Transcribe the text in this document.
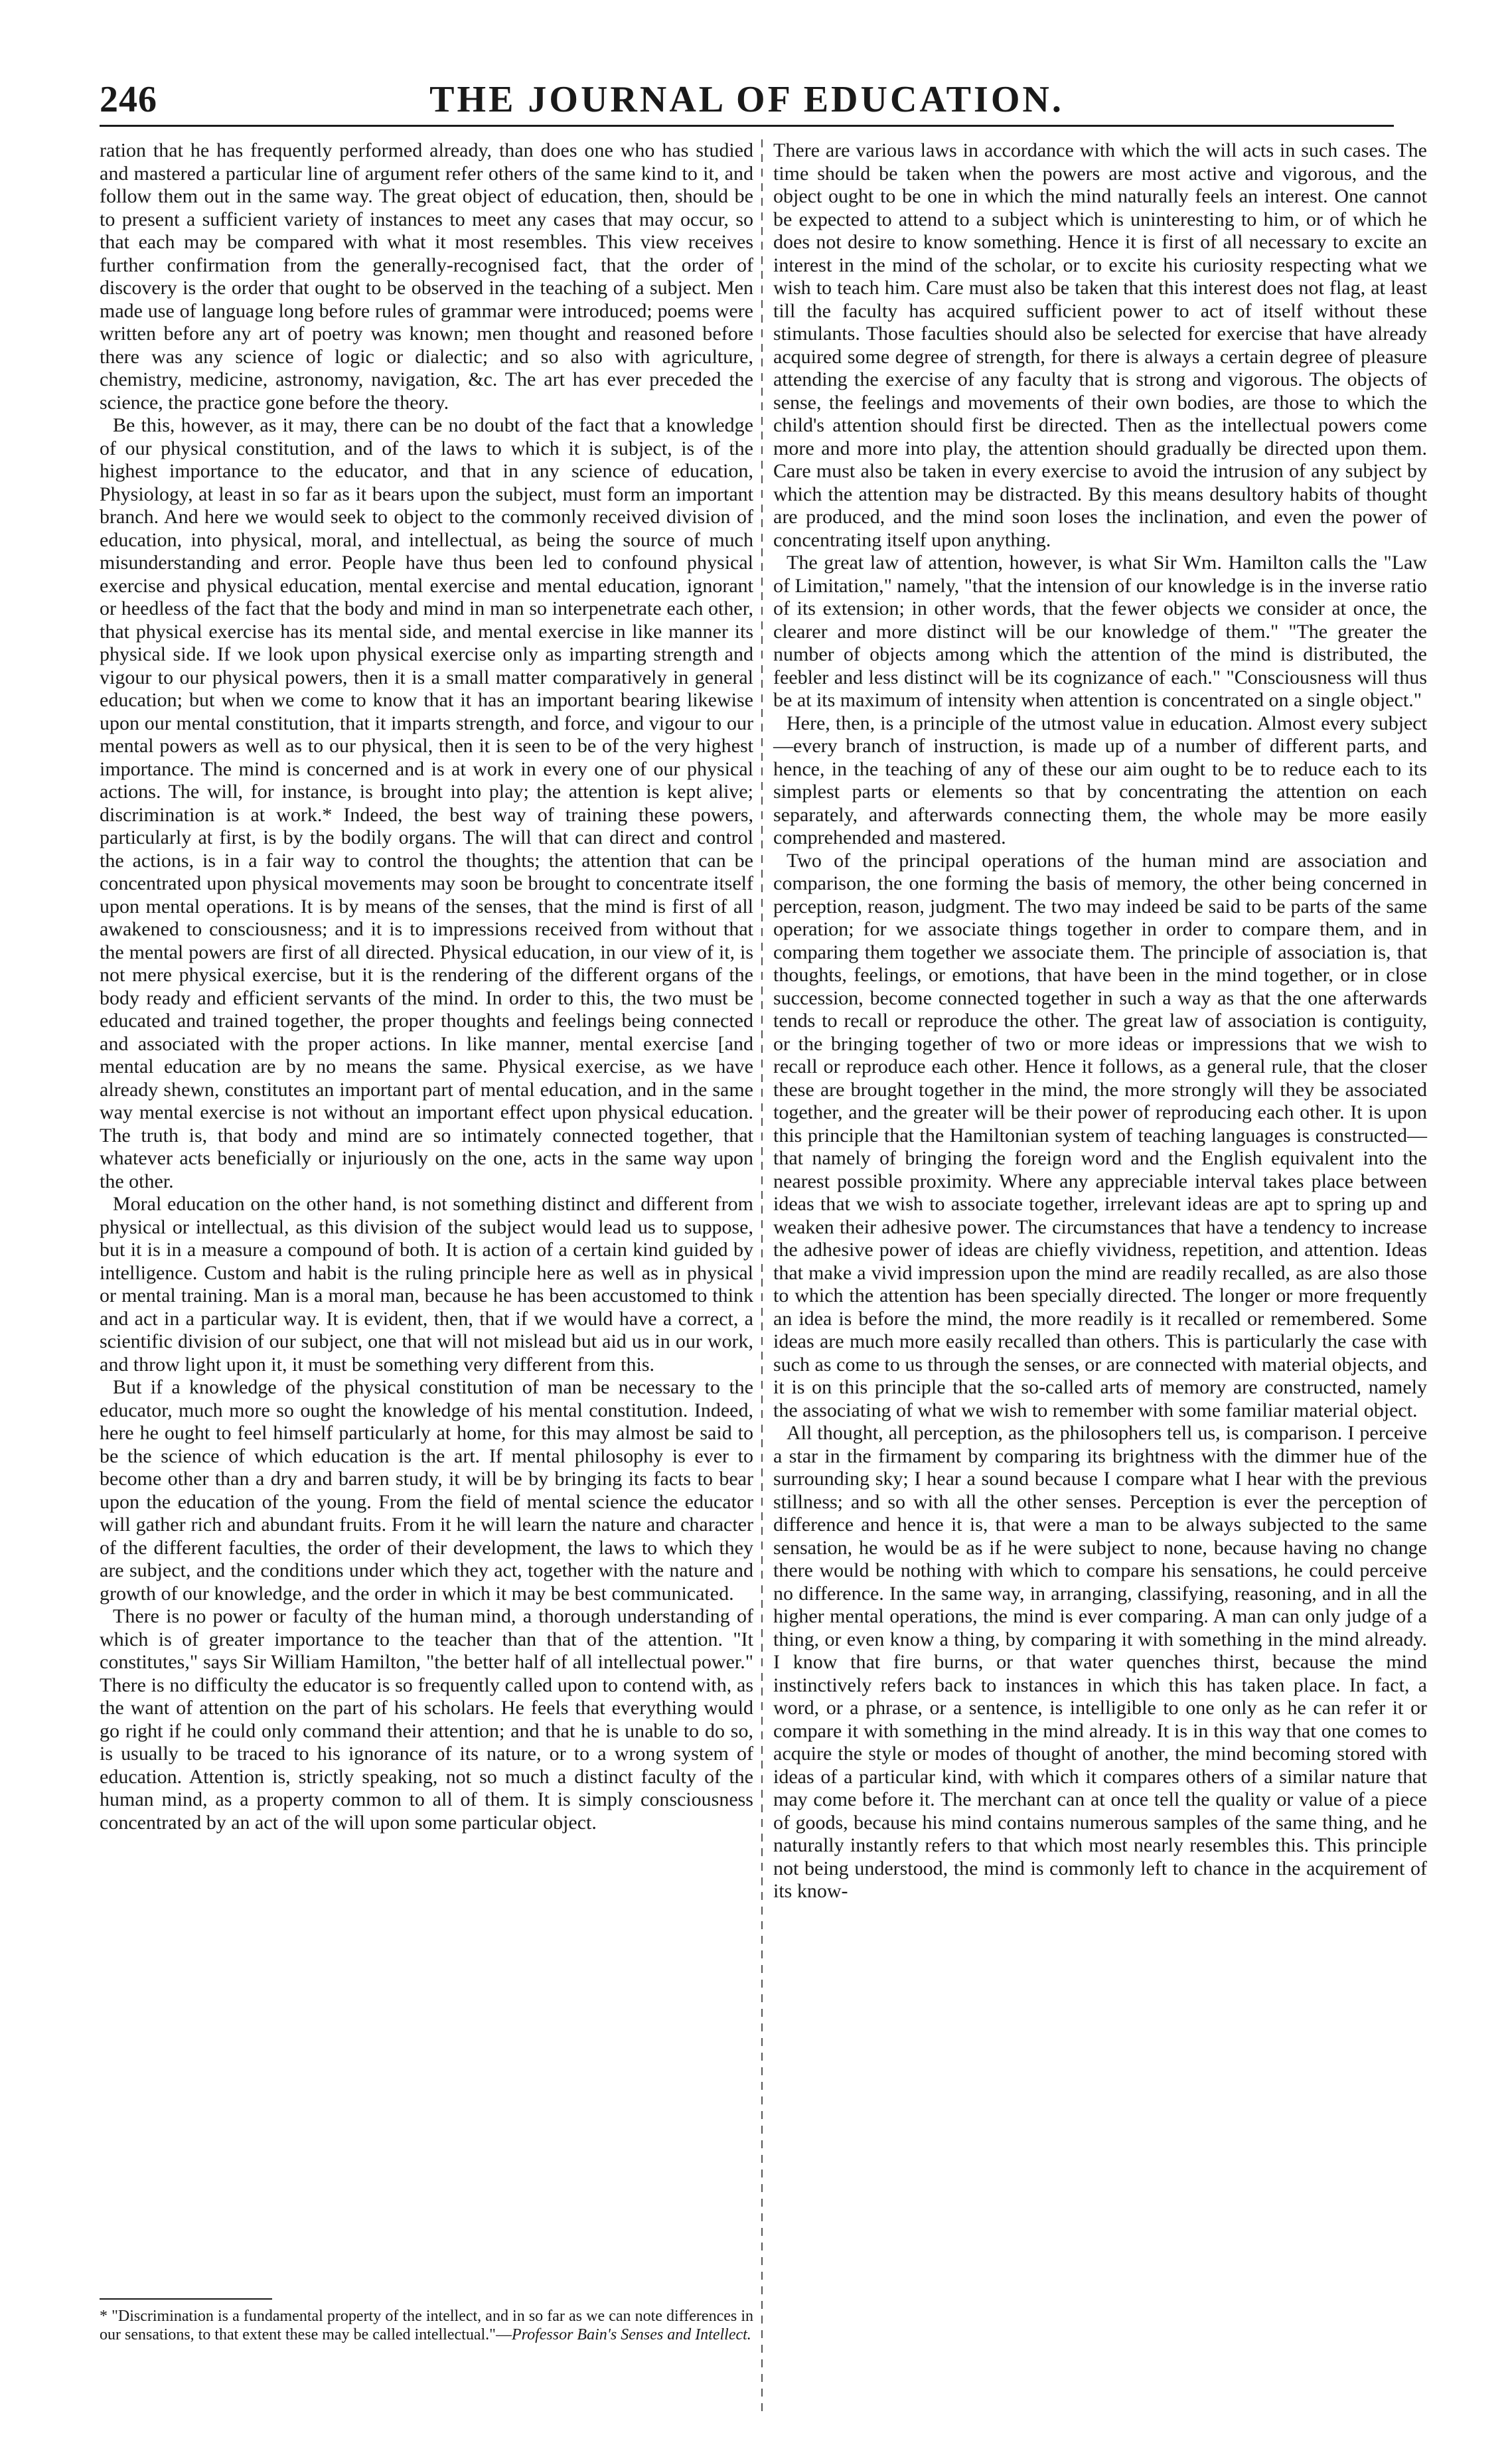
246	THE JOURNAL OF EDUCATION.

ration that he has frequently performed already, than does one who has studied and mastered a particular line of argument refer others of the same kind to it, and follow them out in the same way. The great object of education, then, should be to present a sufficient variety of instances to meet any cases that may occur, so that each may be compared with what it most resembles. This view receives further confirmation from the generally-recognised fact, that the order of discovery is the order that ought to be observed in the teaching of a subject. Men made use of language long before rules of grammar were introduced; poems were written before any art of poetry was known; men thought and reasoned before there was any science of logic or dialectic; and so also with agriculture, chemistry, medicine, astronomy, navigation, &c. The art has ever preceded the science, the practice gone before the theory.

Be this, however, as it may, there can be no doubt of the fact that a knowledge of our physical constitution, and of the laws to which it is subject, is of the highest importance to the educator, and that in any science of education, Physiology, at least in so far as it bears upon the subject, must form an important branch. And here we would seek to object to the commonly received division of education, into physical, moral, and intellectual, as being the source of much misunderstanding and error. People have thus been led to confound physical exercise and physical education, mental exercise and mental education, ignorant or heedless of the fact that the body and mind in man so interpenetrate each other, that physical exercise has its mental side, and mental exercise in like manner its physical side. If we look upon physical exercise only as imparting strength and vigour to our physical powers, then it is a small matter comparatively in general education; but when we come to know that it has an important bearing likewise upon our mental constitution, that it imparts strength, and force, and vigour to our mental powers as well as to our physical, then it is seen to be of the very highest importance. The mind is concerned and is at work in every one of our physical actions. The will, for instance, is brought into play; the attention is kept alive; discrimination is at work.* Indeed, the best way of training these powers, particularly at first, is by the bodily organs. The will that can direct and control the actions, is in a fair way to control the thoughts; the attention that can be concentrated upon physical movements may soon be brought to concentrate itself upon mental operations. It is by means of the senses, that the mind is first of all awakened to consciousness; and it is to impressions received from without that the mental powers are first of all directed. Physical education, in our view of it, is not mere physical exercise, but it is the rendering of the different organs of the body ready and efficient servants of the mind. In order to this, the two must be educated and trained together, the proper thoughts and feelings being connected and associated with the proper actions. In like manner, mental exercise [and mental education are by no means the same. Physical exercise, as we have already shewn, constitutes an important part of mental education, and in the same way mental exercise is not without an important effect upon physical education. The truth is, that body and mind are so intimately connected together, that whatever acts beneficially or injuriously on the one, acts in the same way upon the other.

Moral education on the other hand, is not something distinct and different from physical or intellectual, as this division of the subject would lead us to suppose, but it is in a measure a compound of both. It is action of a certain kind guided by intelligence. Custom and habit is the ruling principle here as well as in physical or mental training. Man is a moral man, because he has been accustomed to think and act in a particular way. It is evident, then, that if we would have a correct, a scientific division of our subject, one that will not mislead but aid us in our work, and throw light upon it, it must be something very different from this.

But if a knowledge of the physical constitution of man be necessary to the educator, much more so ought the knowledge of his mental constitution. Indeed, here he ought to feel himself particularly at home, for this may almost be said to be the science of which education is the art. If mental philosophy is ever to become other than a dry and barren study, it will be by bringing its facts to bear upon the education of the young. From the field of mental science the educator will gather rich and abundant fruits. From it he will learn the nature and character of the different faculties, the order of their development, the laws to which they are subject, and the conditions under which they act, together with the nature and growth of our knowledge, and the order in which it may be best communicated.

There is no power or faculty of the human mind, a thorough understanding of which is of greater importance to the teacher than that of the attention. "It constitutes," says Sir William Hamilton, "the better half of all intellectual power." There is no difficulty the educator is so frequently called upon to contend with, as the want of attention on the part of his scholars. He feels that everything would go right if he could only command their attention; and that he is unable to do so, is usually to be traced to his ignorance of its nature, or to a wrong system of education. Attention is, strictly speaking, not so much a distinct faculty of the human mind, as a property common to all of them. It is simply consciousness concentrated by an act of the will upon some particular object.

There are various laws in accordance with which the will acts in such cases. The time should be taken when the powers are most active and vigorous, and the object ought to be one in which the mind naturally feels an interest. One cannot be expected to attend to a subject which is uninteresting to him, or of which he does not desire to know something. Hence it is first of all necessary to excite an interest in the mind of the scholar, or to excite his curiosity respecting what we wish to teach him. Care must also be taken that this interest does not flag, at least till the faculty has acquired sufficient power to act of itself without these stimulants. Those faculties should also be selected for exercise that have already acquired some degree of strength, for there is always a certain degree of pleasure attending the exercise of any faculty that is strong and vigorous. The objects of sense, the feelings and movements of their own bodies, are those to which the child's attention should first be directed. Then as the intellectual powers come more and more into play, the attention should gradually be directed upon them. Care must also be taken in every exercise to avoid the intrusion of any subject by which the attention may be distracted. By this means desultory habits of thought are produced, and the mind soon loses the inclination, and even the power of concentrating itself upon anything.

The great law of attention, however, is what Sir Wm. Hamilton calls the "Law of Limitation," namely, "that the intension of our knowledge is in the inverse ratio of its extension; in other words, that the fewer objects we consider at once, the clearer and more distinct will be our knowledge of them." "The greater the number of objects among which the attention of the mind is distributed, the feebler and less distinct will be its cognizance of each." "Consciousness will thus be at its maximum of intensity when attention is concentrated on a single object."

Here, then, is a principle of the utmost value in education. Almost every subject—every branch of instruction, is made up of a number of different parts, and hence, in the teaching of any of these our aim ought to be to reduce each to its simplest parts or elements so that by concentrating the attention on each separately, and afterwards connecting them, the whole may be more easily comprehended and mastered.

Two of the principal operations of the human mind are association and comparison, the one forming the basis of memory, the other being concerned in perception, reason, judgment. The two may indeed be said to be parts of the same operation; for we associate things together in order to compare them, and in comparing them together we associate them. The principle of association is, that thoughts, feelings, or emotions, that have been in the mind together, or in close succession, become connected together in such a way as that the one afterwards tends to recall or reproduce the other. The great law of association is contiguity, or the bringing together of two or more ideas or impressions that we wish to recall or reproduce each other. Hence it follows, as a general rule, that the closer these are brought together in the mind, the more strongly will they be associated together, and the greater will be their power of reproducing each other. It is upon this principle that the Hamiltonian system of teaching languages is constructed—that namely of bringing the foreign word and the English equivalent into the nearest possible proximity. Where any appreciable interval takes place between ideas that we wish to associate together, irrelevant ideas are apt to spring up and weaken their adhesive power. The circumstances that have a tendency to increase the adhesive power of ideas are chiefly vividness, repetition, and attention. Ideas that make a vivid impression upon the mind are readily recalled, as are also those to which the attention has been specially directed. The longer or more frequently an idea is before the mind, the more readily is it recalled or remembered. Some ideas are much more easily recalled than others. This is particularly the case with such as come to us through the senses, or are connected with material objects, and it is on this principle that the so-called arts of memory are constructed, namely the associating of what we wish to remember with some familiar material object.

All thought, all perception, as the philosophers tell us, is comparison. I perceive a star in the firmament by comparing its brightness with the dimmer hue of the surrounding sky; I hear a sound because I compare what I hear with the previous stillness; and so with all the other senses. Perception is ever the perception of difference and hence it is, that were a man to be always subjected to the same sensation, he would be as if he were subject to none, because having no change there would be nothing with which to compare his sensations, he could perceive no difference. In the same way, in arranging, classifying, reasoning, and in all the higher mental operations, the mind is ever comparing. A man can only judge of a thing, or even know a thing, by comparing it with something in the mind already. I know that fire burns, or that water quenches thirst, because the mind instinctively refers back to instances in which this has taken place. In fact, a word, or a phrase, or a sentence, is intelligible to one only as he can refer it or compare it with something in the mind already. It is in this way that one comes to acquire the style or modes of thought of another, the mind becoming stored with ideas of a particular kind, with which it compares others of a similar nature that may come before it. The merchant can at once tell the quality or value of a piece of goods, because his mind contains numerous samples of the same thing, and he naturally instantly refers to that which most nearly resembles this. This principle not being understood, the mind is commonly left to chance in the acquirement of its know-

* "Discrimination is a fundamental property of the intellect, and in so far as we can note differences in our sensations, to that extent these may be called intellectual."—Professor Bain's Senses and Intellect.
